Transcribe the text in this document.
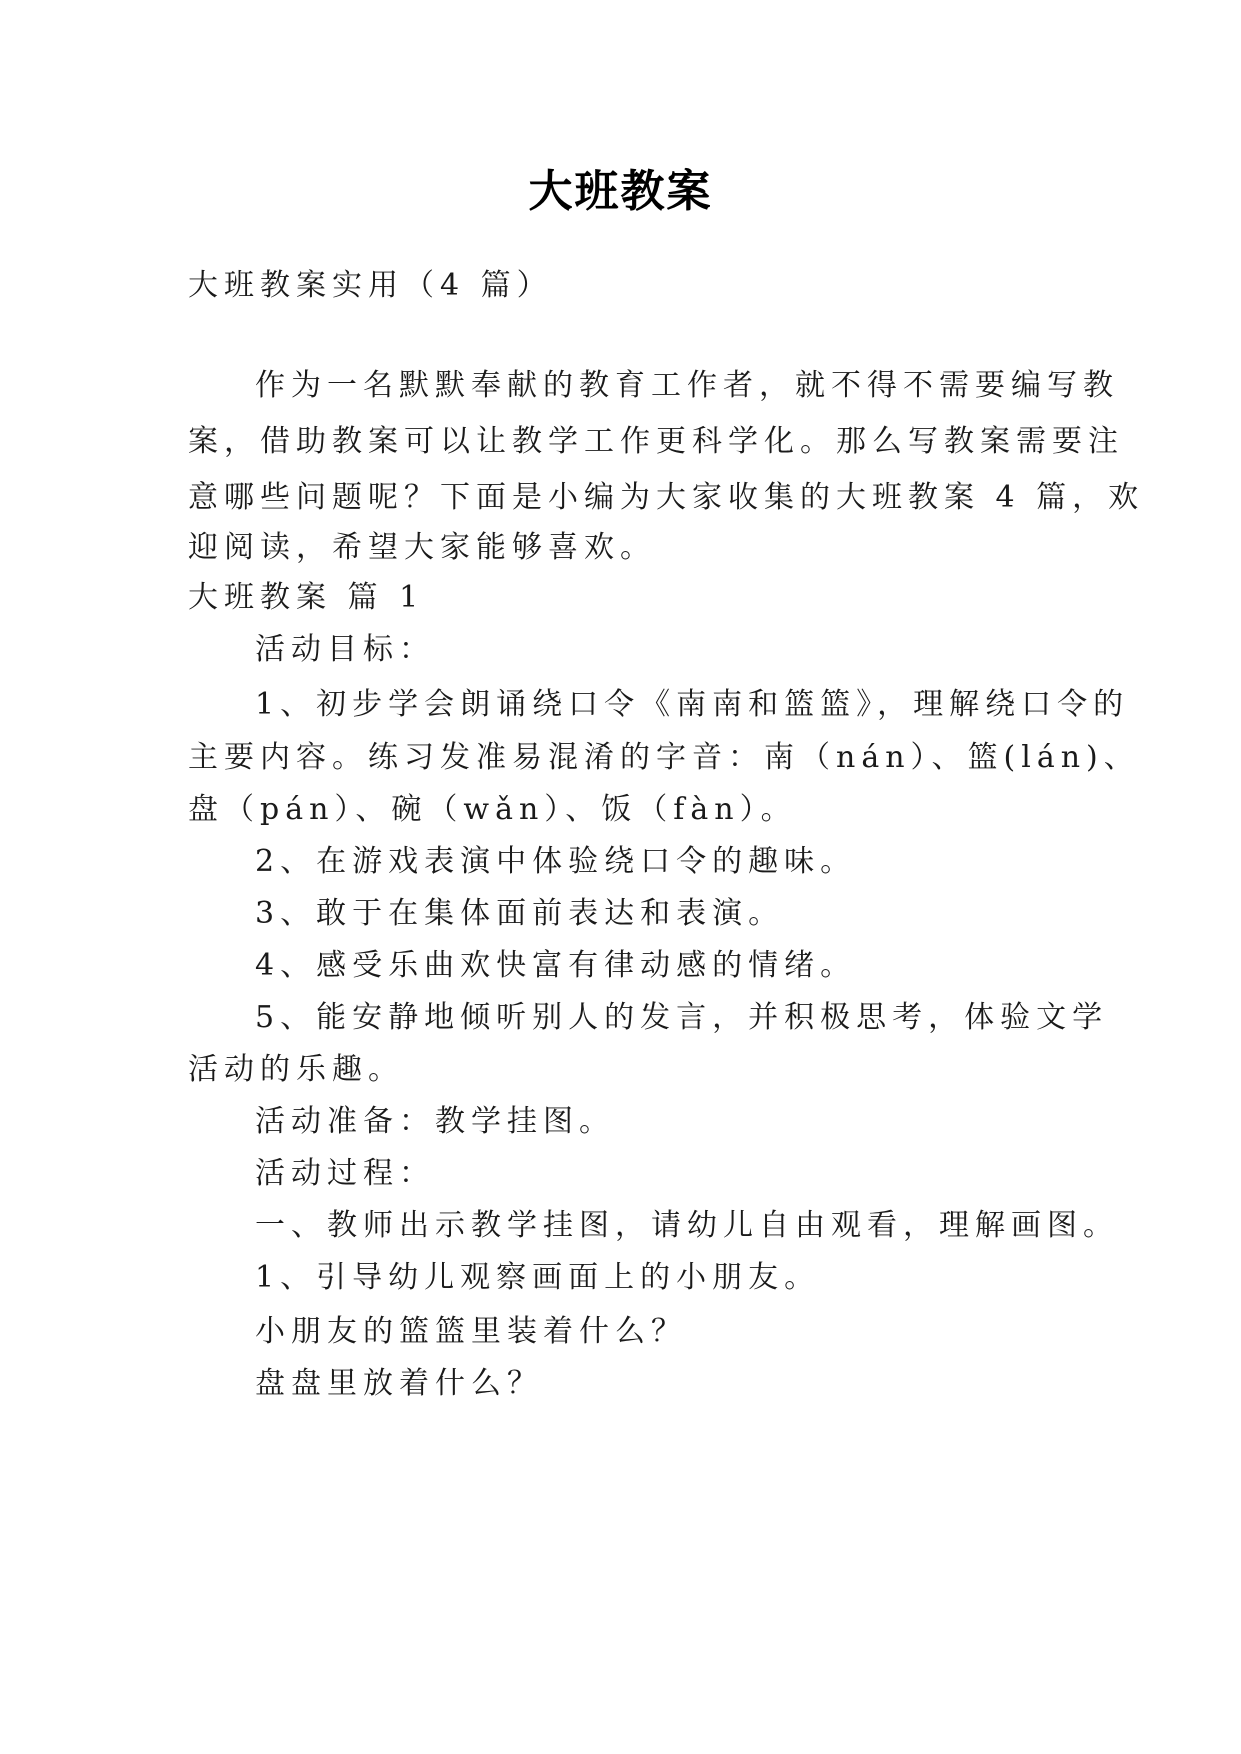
大班教案
大班教案实用（4 篇）
作为一名默默奉献的教育工作者，就不得不需要编写教
案，借助教案可以让教学工作更科学化。那么写教案需要注
意哪些问题呢？下面是小编为大家收集的大班教案 4 篇，欢
迎阅读，希望大家能够喜欢。
大班教案 篇 1
活动目标：
1、初步学会朗诵绕口令《南南和篮篮》，理解绕口令的
主要内容。练习发准易混淆的字音：南（nán）、篮(lán)、
盘（pán）、碗（wǎn）、饭（fàn）。
2、在游戏表演中体验绕口令的趣味。
3、敢于在集体面前表达和表演。
4、感受乐曲欢快富有律动感的情绪。
5、能安静地倾听别人的发言，并积极思考，体验文学
活动的乐趣。
活动准备：教学挂图。
活动过程：
一、教师出示教学挂图，请幼儿自由观看，理解画图。
1、引导幼儿观察画面上的小朋友。
小朋友的篮篮里装着什么？
盘盘里放着什么？
